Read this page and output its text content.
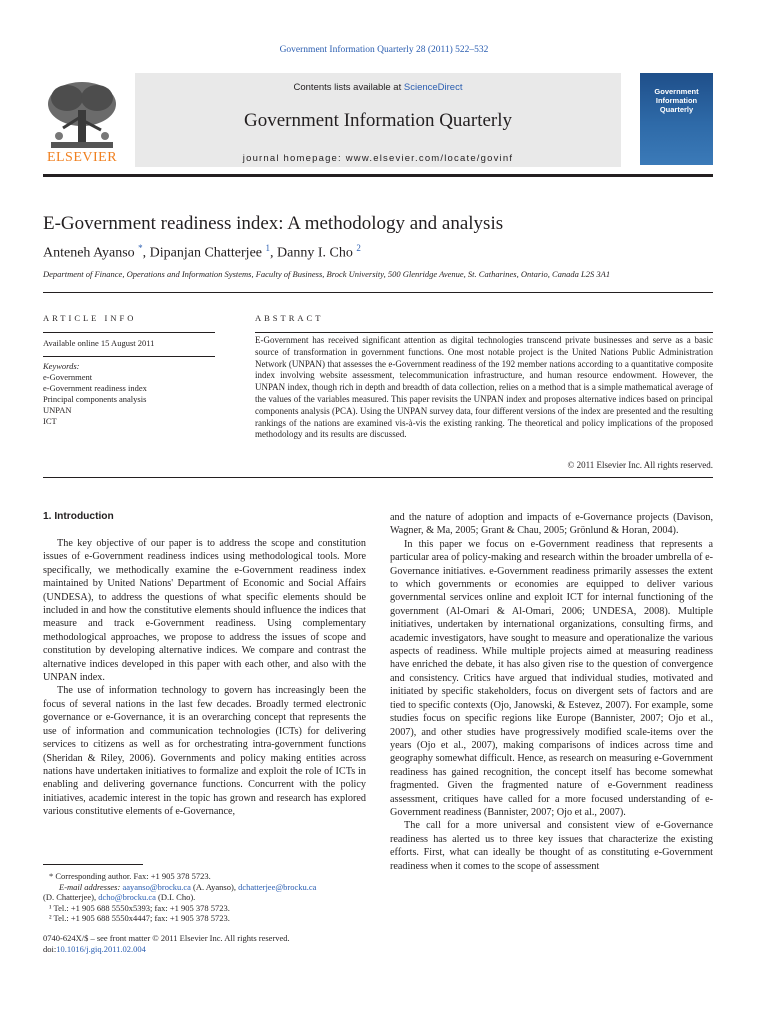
Government Information Quarterly 28 (2011) 522–532
Contents lists available at ScienceDirect
Government Information Quarterly
journal homepage: www.elsevier.com/locate/govinf
ELSEVIER
Government Information Quarterly
E-Government readiness index: A methodology and analysis
Anteneh Ayanso *, Dipanjan Chatterjee $^1$, Danny I. Cho $^2$
Department of Finance, Operations and Information Systems, Faculty of Business, Brock University, 500 Glenridge Avenue, St. Catharines, Ontario, Canada L2S 3A1
ARTICLE INFO
Available online 15 August 2011
Keywords:
e-Government
e-Government readiness index
Principal components analysis
UNPAN
ICT
ABSTRACT
E-Government has received significant attention as digital technologies transcend private businesses and serve as a basic source of transformation in government functions. One most notable project is the United Nations Public Administration Network (UNPAN) that assesses the e-Government readiness of the 192 member nations according to a quantitative composite index involving website assessment, telecommunication infrastructure, and human resource endowment. However, the UNPAN index, though rich in depth and breadth of data collection, relies on a method that is a simple mathematical average of the values of the variables measured. This paper revisits the UNPAN index and proposes alternative indices based on principal components analysis (PCA). Using the UNPAN survey data, four different versions of the index are presented and the resulting rankings of the nations are examined vis-à-vis the existing ranking. The theoretical and policy implications of the proposed methodology and its results are discussed.
© 2011 Elsevier Inc. All rights reserved.
1. Introduction

The key objective of our paper is to address the scope and constitution issues of e-Government readiness indices using methodological tools. More specifically, we methodically examine the e-Government readiness index maintained by United Nations' Department of Economic and Social Affairs (UNDESA), to address the questions of what specific elements should be included in and how the constitutive elements should influence the indices that measure and track e-Government readiness. Using complementary methodological approaches, we propose to address the issues of scope and constitution by developing alternative indices. We compare and contrast the alternative indices developed in this paper with each other, and also with the UNPAN index.

The use of information technology to govern has increasingly been the focus of several nations in the last few decades. Broadly termed electronic governance or e-Governance, it is an overarching concept that represents the use of information and communication technologies (ICTs) for delivering services to citizens as well as for orchestrating intra-government functions (Sheridan & Riley, 2006). Governments and policy making entities across nations have undertaken initiatives to formalize and exploit the role of ICTs in enabling and delivering governance functions. Concurrent with the policy initiatives, academic interest in the topic has grown and research has explored various constitutive elements of e-Governance,

and the nature of adoption and impacts of e-Governance projects (Davison, Wagner, & Ma, 2005; Grant & Chau, 2005; Grönlund & Horan, 2004).

In this paper we focus on e-Government readiness that represents a particular area of policy-making and research within the broader umbrella of e-Governance initiatives. e-Government readiness primarily assesses the extent to which governments or economies are equipped to deliver various governmental services online and exploit ICT for internal functioning of the government (Al-Omari & Al-Omari, 2006; UNDESA, 2008). Multiple initiatives, undertaken by international organizations, consulting firms, and academic investigators, have sought to measure and operationalize the various aspects of readiness. While multiple projects aimed at measuring readiness have enriched the debate, it has also given rise to the question of convergence and consistency. Critics have argued that individual studies, motivated and initiated by specific stakeholders, focus on divergent sets of factors and are tied to specific contexts (Ojo, Janowski, & Estevez, 2007). For example, some studies focus on specific regions like Europe (Bannister, 2007; Ojo et al., 2007), and other studies have progressively modified scale-items over the years (Ojo et al., 2007), making comparisons of indices across time and geography somewhat difficult. Hence, as research on measuring e-Government readiness has gained recognition, the concept itself has become somewhat fragmented. Given the fragmented nature of e-Government readiness assessment, critiques have called for a more focused understanding of e-Government readiness (Bannister, 2007; Ojo et al., 2007).

The call for a more universal and consistent view of e-Governance readiness has alerted us to three key issues that characterize the existing efforts. First, what can ideally be thought of as constituting e-Government readiness when it comes to the scope of assessment

* Corresponding author. Fax: +1 905 378 5723.
E-mail addresses: aayanso@brocku.ca (A. Ayanso), dchatterjee@brocku.ca
(D. Chatterjee), dcho@brocku.ca (D.I. Cho).
¹ Tel.: +1 905 688 5550x5393; fax: +1 905 378 5723.
² Tel.: +1 905 688 5550x4447; fax: +1 905 378 5723.
0740-624X/$ – see front matter © 2011 Elsevier Inc. All rights reserved.
doi:10.1016/j.giq.2011.02.004
